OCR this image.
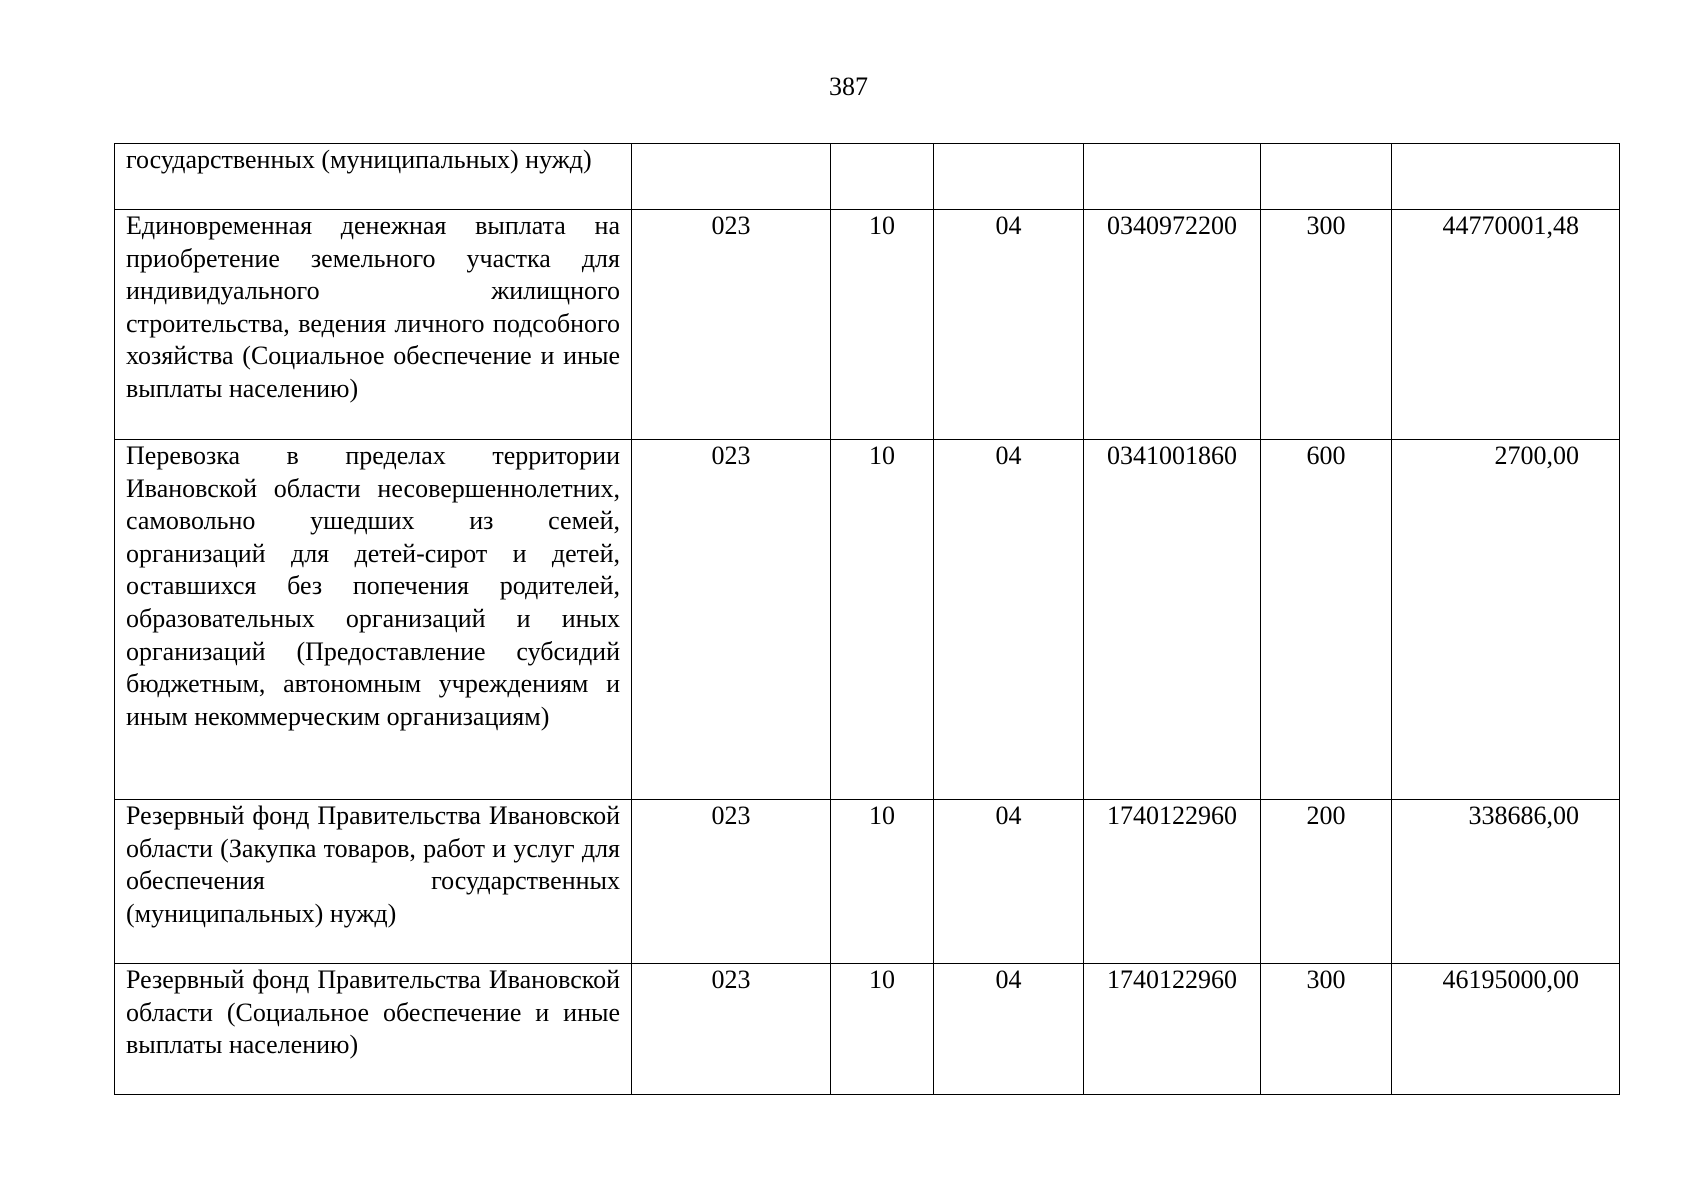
387
государственных (муниципальных) нужд)						
Единовременная денежная выплата на приобретение земельного участка для индивидуального жилищного строительства, ведения личного подсобного хозяйства (Социальное обеспечение и иные выплаты населению)	023	10	04	0340972200	300	44770001,48
Перевозка в пределах территории Ивановской области несовершеннолетних, самовольно ушедших из семей, организаций для детей-сирот и детей, оставшихся без попечения родителей, образовательных организаций и иных организаций (Предоставление субсидий бюджетным, автономным учреждениям и иным некоммерческим организациям)	023	10	04	0341001860	600	2700,00
Резервный фонд Правительства Ивановской области (Закупка товаров, работ и услуг для обеспечения государственных (муниципальных) нужд)	023	10	04	1740122960	200	338686,00
Резервный фонд Правительства Ивановской области (Социальное обеспечение и иные выплаты населению)	023	10	04	1740122960	300	46195000,00
